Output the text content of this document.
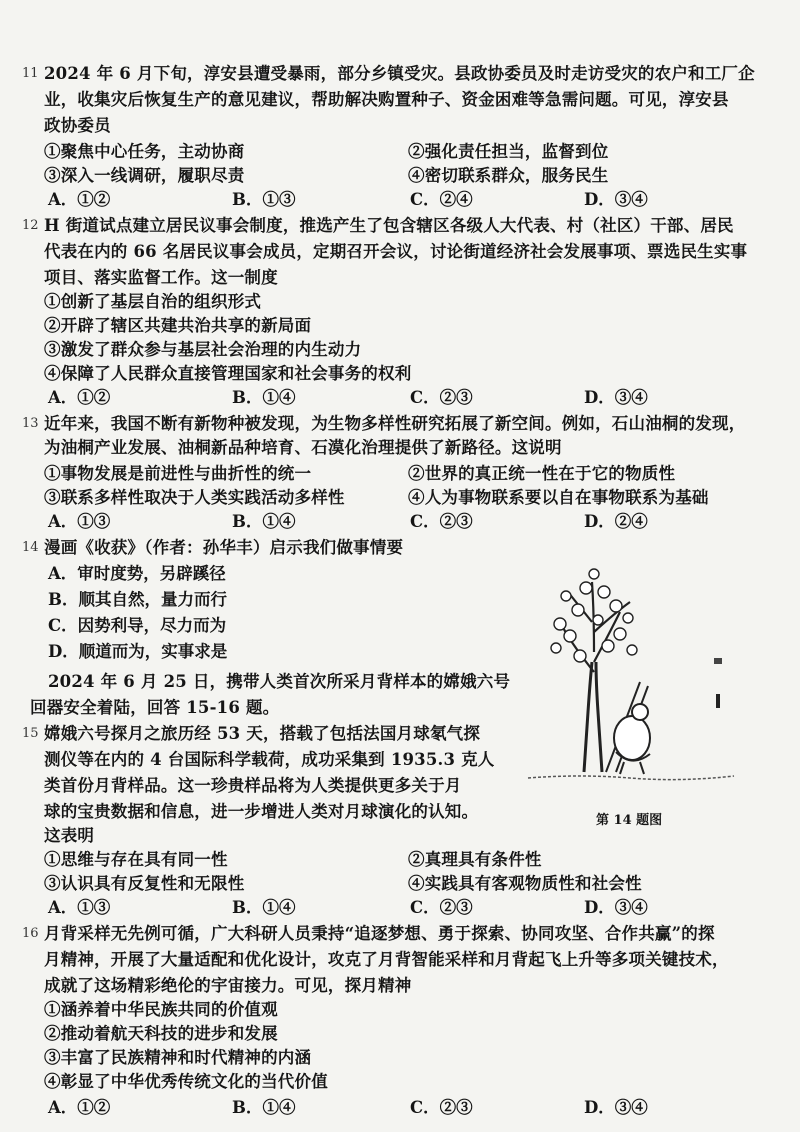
11 2024 年 6 月下旬，淳安县遭受暴雨，部分乡镇受灾。县政协委员及时走访受灾的农户和工厂企
业，收集灾后恢复生产的意见建议，帮助解决购置种子、资金困难等急需问题。可见，淳安县
政协委员
①聚焦中心任务，主动协商	②强化责任担当，监督到位
③深入一线调研，履职尽责	④密切联系群众，服务民生
A．①②	B．①③	C．②④	D．③④
12 H 街道试点建立居民议事会制度，推选产生了包含辖区各级人大代表、村（社区）干部、居民
代表在内的 66 名居民议事会成员，定期召开会议，讨论街道经济社会发展事项、票选民生实事
项目、落实监督工作。这一制度
①创新了基层自治的组织形式
②开辟了辖区共建共治共享的新局面
③激发了群众参与基层社会治理的内生动力
④保障了人民群众直接管理国家和社会事务的权利
A．①②	B．①④	C．②③	D．③④
13 近年来，我国不断有新物种被发现，为生物多样性研究拓展了新空间。例如，石山油桐的发现，
为油桐产业发展、油桐新品种培育、石漠化治理提供了新路径。这说明
①事物发展是前进性与曲折性的统一	②世界的真正统一性在于它的物质性
③联系多样性取决于人类实践活动多样性	④人为事物联系要以自在事物联系为基础
A．①③	B．①④	C．②③	D．②④
14 漫画《收获》（作者：孙华丰）启示我们做事情要
A．审时度势，另辟蹊径
B．顺其自然，量力而行
C．因势利导，尽力而为
D．顺道而为，实事求是
第 14 题图
2024 年 6 月 25 日，携带人类首次所采月背样本的嫦娥六号
回器安全着陆，回答 15-16 题。
15 嫦娥六号探月之旅历经 53 天，搭载了包括法国月球氡气探
测仪等在内的 4 台国际科学载荷，成功采集到 1935.3 克人
类首份月背样品。这一珍贵样品将为人类提供更多关于月
球的宝贵数据和信息，进一步增进人类对月球演化的认知。
这表明
①思维与存在具有同一性	②真理具有条件性
③认识具有反复性和无限性	④实践具有客观物质性和社会性
A．①③	B．①④	C．②③	D．③④
16 月背采样无先例可循，广大科研人员秉持“追逐梦想、勇于探索、协同攻坚、合作共赢”的探
月精神，开展了大量适配和优化设计，攻克了月背智能采样和月背起飞上升等多项关键技术，
成就了这场精彩绝伦的宇宙接力。可见，探月精神
①涵养着中华民族共同的价值观
②推动着航天科技的进步和发展
③丰富了民族精神和时代精神的内涵
④彰显了中华优秀传统文化的当代价值
A．①②	B．①④	C．②③	D．③④
